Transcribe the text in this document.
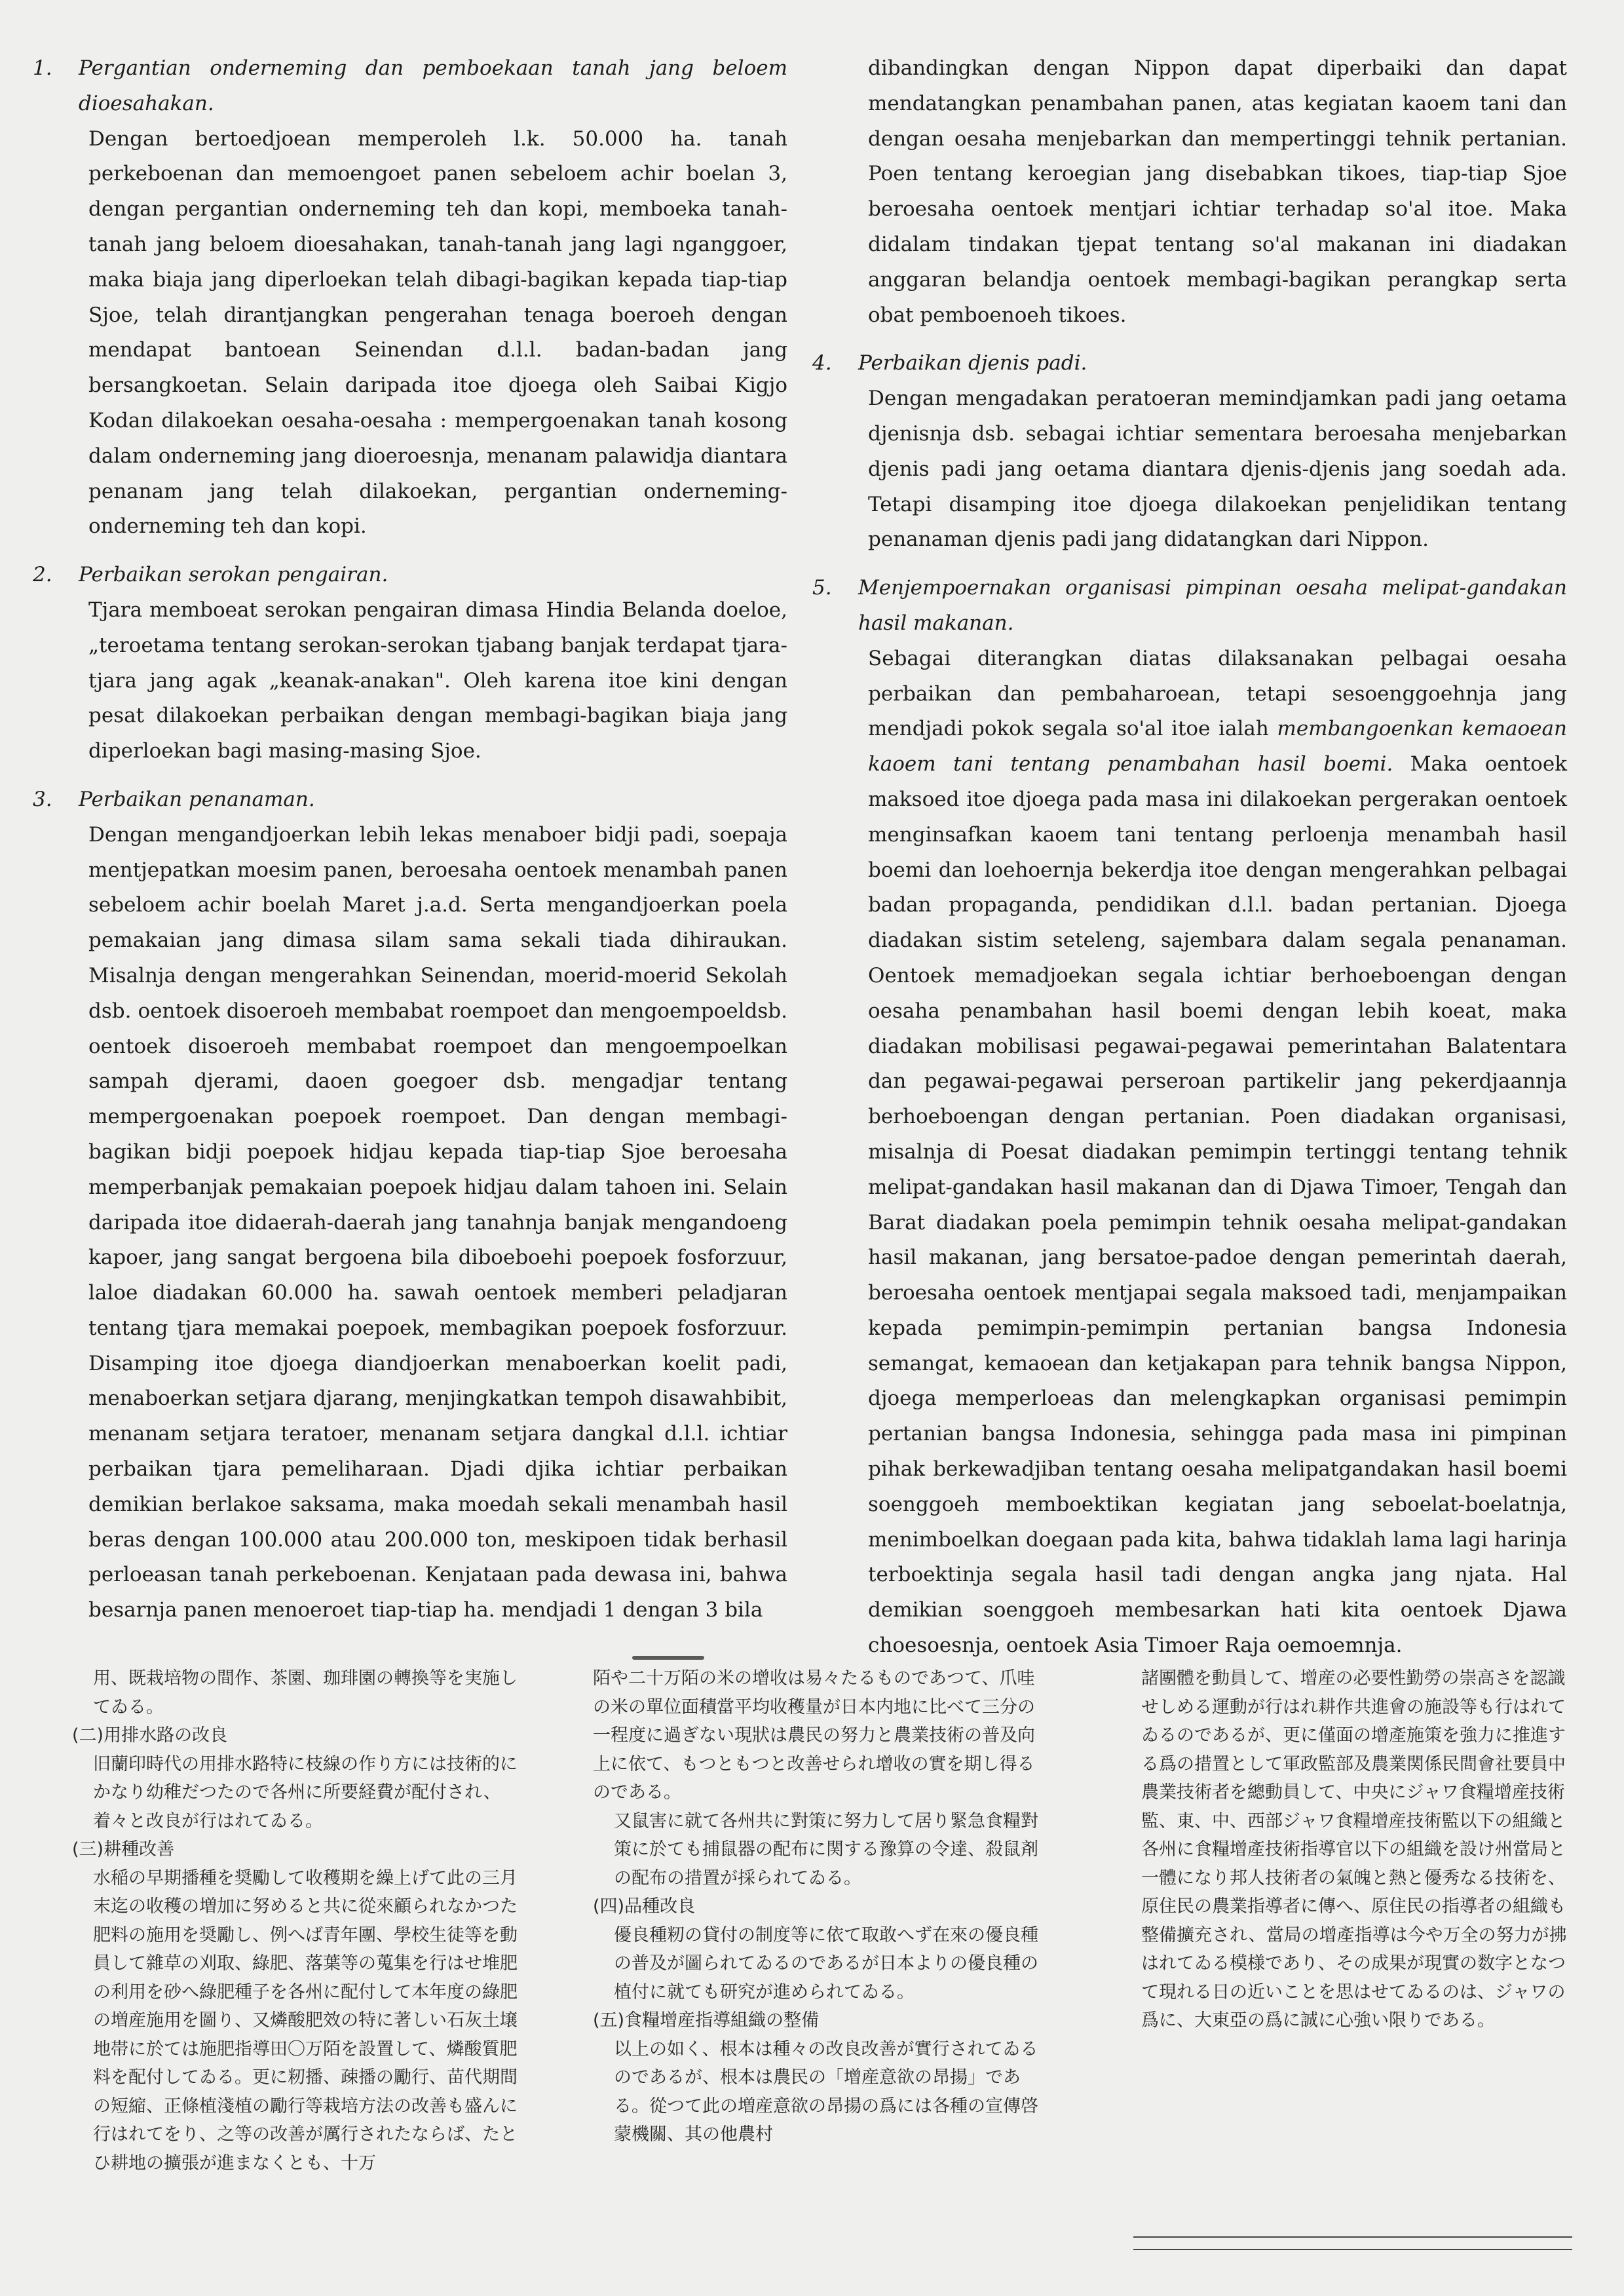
1. Pergantian onderneming dan pemboekaan tanah jang beloem dioesahakan.

Dengan bertoedjoean memperoleh l.k. 50.000 ha. tanah perkeboenan dan memoengoet panen sebeloem achir boelan 3, dengan pergantian onderneming teh dan kopi, memboeka tanah-tanah jang beloem dioesahakan, tanah-tanah jang lagi nganggoer, maka biaja jang diperloekan telah dibagi-bagikan kepada tiap-tiap Sjoe, telah dirantjangkan pengerahan tenaga boeroeh dengan mendapat bantoean Seinendan d.l.l. badan-badan jang bersangkoetan. Selain daripada itoe djoega oleh Saibai Kigjo Kodan dilakoekan oesaha-oesaha : mempergoenakan tanah kosong dalam onderneming jang dioeroesnja, menanam palawidja diantara penanam jang telah dilakoekan, pergantian onderneming-onderneming teh dan kopi.

2. Perbaikan serokan pengairan.

Tjara memboeat serokan pengairan dimasa Hindia Belanda doeloe, „teroetama tentang serokan-serokan tjabang banjak terdapat tjara-tjara jang agak „keanak-anakan". Oleh karena itoe kini dengan pesat dilakoekan perbaikan dengan membagi-bagikan biaja jang diperloekan bagi masing-masing Sjoe.

3. Perbaikan penanaman.

Dengan mengandjoerkan lebih lekas menaboer bidji padi, soepaja mentjepatkan moesim panen, beroesaha oentoek menambah panen sebeloem achir boelah Maret j.a.d. Serta mengandjoerkan poela pemakaian jang dimasa silam sama sekali tiada dihiraukan. Misalnja dengan mengerahkan Seinendan, moerid-moerid Sekolah dsb. oentoek disoeroeh membabat roempoet dan mengoempoeldsb. oentoek disoeroeh membabat roempoet dan mengoempoelkan sampah djerami, daoen goegoer dsb. mengadjar tentang mempergoenakan poepoek roempoet. Dan dengan membagi-bagikan bidji poepoek hidjau kepada tiap-tiap Sjoe beroesaha memperbanjak pemakaian poepoek hidjau dalam tahoen ini. Selain daripada itoe didaerah-daerah jang tanahnja banjak mengandoeng kapoer, jang sangat bergoena bila diboeboehi poepoek fosforzuur, laloe diadakan 60.000 ha. sawah oentoek memberi peladjaran tentang tjara memakai poepoek, membagikan poepoek fosforzuur. Disamping itoe djoega diandjoerkan menaboerkan koelit padi, menaboerkan setjara djarang, menjingkatkan tempoh disawahbibit, menanam setjara teratoer, menanam setjara dangkal d.l.l. ichtiar perbaikan tjara pemeliharaan. Djadi djika ichtiar perbaikan demikian berlakoe saksama, maka moedah sekali menambah hasil beras dengan 100.000 atau 200.000 ton, meskipoen tidak berhasil perloeasan tanah perkeboenan. Kenjataan pada dewasa ini, bahwa besarnja panen menoeroet tiap-tiap ha. mendjadi 1 dengan 3 bila

dibandingkan dengan Nippon dapat diperbaiki dan dapat mendatangkan penambahan panen, atas kegiatan kaoem tani dan dengan oesaha menjebarkan dan mempertinggi tehnik pertanian. Poen tentang keroegian jang disebabkan tikoes, tiap-tiap Sjoe beroesaha oentoek mentjari ichtiar terhadap so'al itoe. Maka didalam tindakan tjepat tentang so'al makanan ini diadakan anggaran belandja oentoek membagi-bagikan perangkap serta obat pemboenoeh tikoes.

4. Perbaikan djenis padi.

Dengan mengadakan peratoeran memindjamkan padi jang oetama djenisnja dsb. sebagai ichtiar sementara beroesaha menjebarkan djenis padi jang oetama diantara djenis-djenis jang soedah ada. Tetapi disamping itoe djoega dilakoekan penjelidikan tentang penanaman djenis padi jang didatangkan dari Nippon.

5. Menjempoernakan organisasi pimpinan oesaha melipat-gandakan hasil makanan.

Sebagai diterangkan diatas dilaksanakan pelbagai oesaha perbaikan dan pembaharoean, tetapi sesoenggoehnja jang mendjadi pokok segala so'al itoe ialah membangoenkan kemaoean kaoem tani tentang penambahan hasil boemi. Maka oentoek maksoed itoe djoega pada masa ini dilakoekan pergerakan oentoek menginsafkan kaoem tani tentang perloenja menambah hasil boemi dan loehoernja bekerdja itoe dengan mengerahkan pelbagai badan propaganda, pendidikan d.l.l. badan pertanian. Djoega diadakan sistim seteleng, sajembara dalam segala penanaman. Oentoek memadjoekan segala ichtiar berhoeboengan dengan oesaha penambahan hasil boemi dengan lebih koeat, maka diadakan mobilisasi pegawai-pegawai pemerintahan Balatentara dan pegawai-pegawai perseroan partikelir jang pekerdjaannja berhoeboengan dengan pertanian. Poen diadakan organisasi, misalnja di Poesat diadakan pemimpin tertinggi tentang tehnik melipat-gandakan hasil makanan dan di Djawa Timoer, Tengah dan Barat diadakan poela pemimpin tehnik oesaha melipat-gandakan hasil makanan, jang bersatoe-padoe dengan pemerintah daerah, beroesaha oentoek mentjapai segala maksoed tadi, menjampaikan kepada pemimpin-pemimpin pertanian bangsa Indonesia semangat, kemaoean dan ketjakapan para tehnik bangsa Nippon, djoega memperloeas dan melengkapkan organisasi pemimpin pertanian bangsa Indonesia, sehingga pada masa ini pimpinan pihak berkewadjiban tentang oesaha melipatgandakan hasil boemi soenggoeh memboektikan kegiatan jang seboelat-boelatnja, menimboelkan doegaan pada kita, bahwa tidaklah lama lagi harinja terboektinja segala hasil tadi dengan angka jang njata. Hal demikian soenggoeh membesarkan hati kita oentoek Djawa choesoesnja, oentoek Asia Timoer Raja oemoemnja.

用、既栽培物の間作、茶園、珈琲園の轉換等を実施してゐる。

(二)用排水路の改良

旧蘭印時代の用排水路特に枝線の作り方には技術的にかなり幼稚だつたので各州に所要経費が配付され、着々と改良が行はれてゐる。

(三)耕種改善

水稲の早期播種を奨勵して收穫期を繰上げて此の三月末迄の收穫の増加に努めると共に從來顧られなかつた肥料の施用を奨勵し、例へば青年團、學校生徒等を動員して雜草の刈取、綠肥、落葉等の蒐集を行はせ堆肥の利用を砂へ綠肥種子を各州に配付して本年度の綠肥の増産施用を圖り、又燐酸肥效の特に著しい石灰土壌地帯に於ては施肥指導田〇万陌を設置して、燐酸質肥料を配付してゐる。更に籾播、疎播の勵行、苗代期間の短縮、正條植淺植の勵行等栽培方法の改善も盛んに行はれてをり、之等の改善が厲行されたならば、たとひ耕地の擴張が進まなくとも、十万

陌や二十万陌の米の增收は易々たるものであつて、爪哇の米の單位面積當平均收穫量が日本内地に比べて三分の一程度に過ぎない現狀は農民の努力と農業技術の普及向上に依て、もつともつと改善せられ增收の實を期し得るのである。

又鼠害に就て各州共に對策に努力して居り緊急食糧對策に於ても捕鼠器の配布に関する豫算の令達、殺鼠剤の配布の措置が採られてゐる。

(四)品種改良

優良種籾の貸付の制度等に依て取敢へず在來の優良種の普及が圖られてゐるのであるが日本よりの優良種の植付に就ても研究が進められてゐる。

(五)食糧增産指導組織の整備

以上の如く、根本は種々の改良改善が實行されてゐるのであるが、根本は農民の「增産意欲の昂揚」である。從つて此の増産意欲の昂揚の爲には各種の宣傳啓蒙機關、其の他農村

諸團體を動員して、增産の必要性勤勞の崇高さを認識せしめる運動が行はれ耕作共進會の施設等も行はれてゐるのであるが、更に僅面の增產施策を強力に推進する爲の措置として軍政監部及農業関係民間會社要員中農業技術者を總動員して、中央にジャワ食糧增産技術監、東、中、西部ジャワ食糧增産技術監以下の組織と各州に食糧增產技術指導官以下の組織を設け州當局と一體になり邦人技術者の氣魄と熱と優秀なる技術を、原住民の農業指導者に傳へ、原住民の指導者の組織も整備擴充され、當局の增產指導は今や万全の努力が拂はれてゐる模様であり、その成果が現實の数字となつて現れる日の近いことを思はせてゐるのは、ジャワの爲に、大東亞の爲に誠に心強い限りである。
